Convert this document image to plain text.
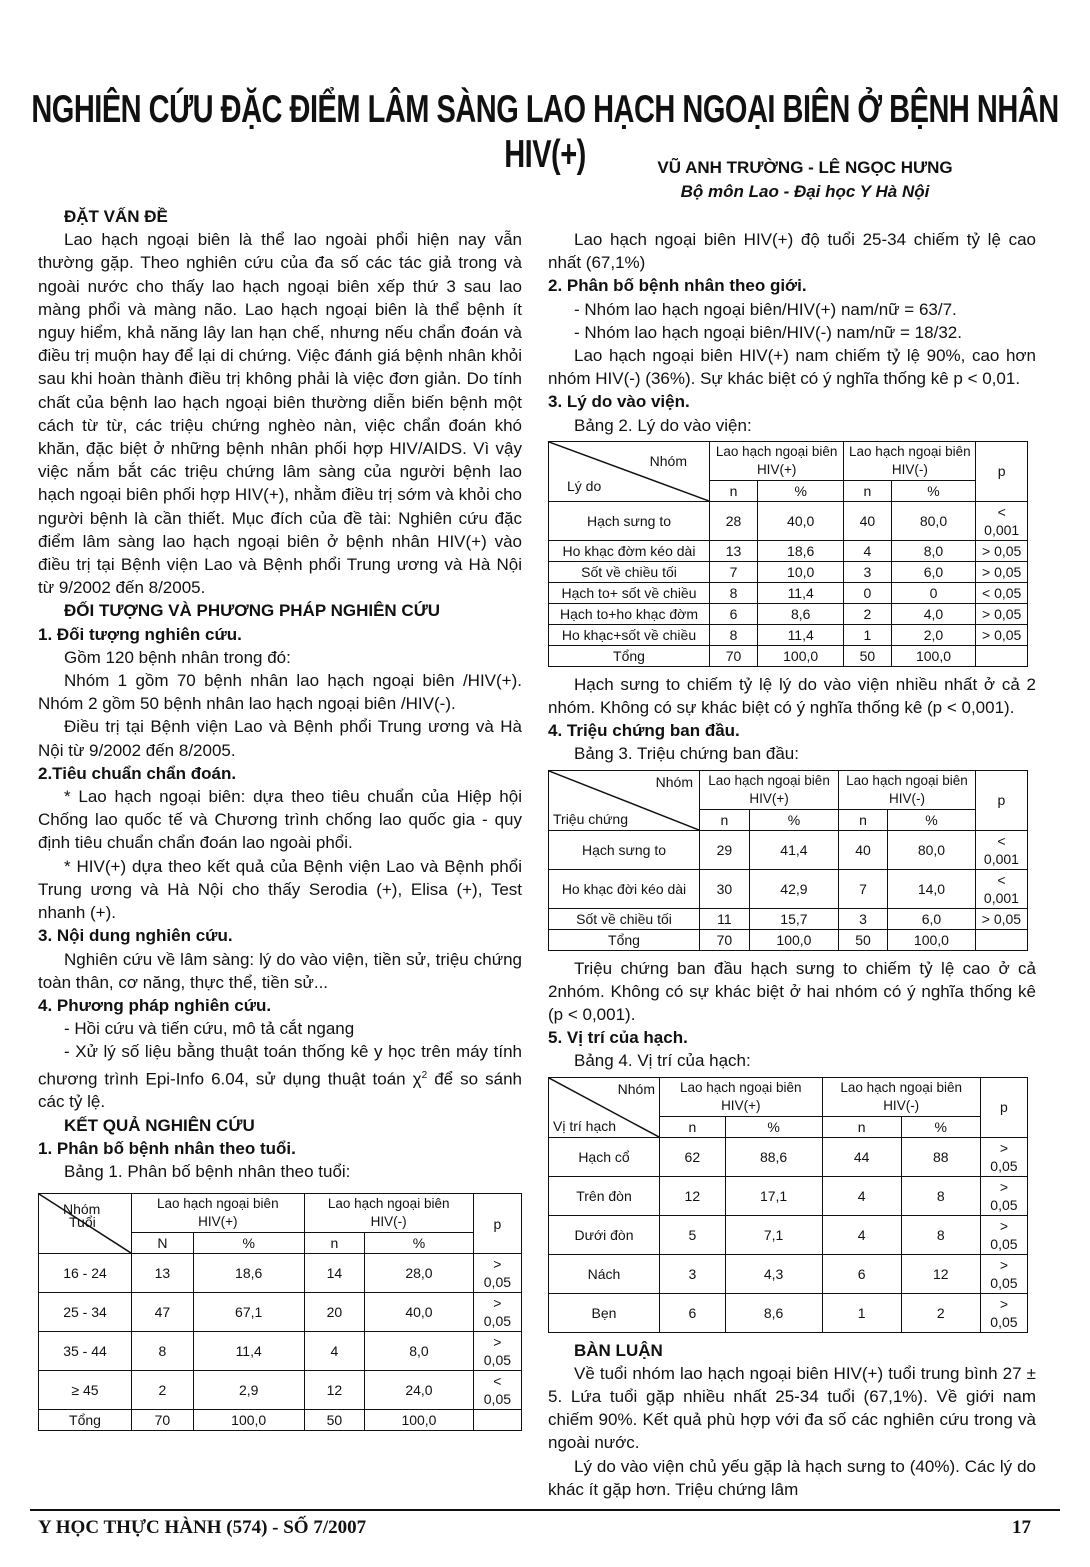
NGHIÊN CỨU ĐẶC ĐIỂM LÂM SÀNG LAO HẠCH NGOẠI BIÊN Ở BỆNH NHÂN HIV(+)	VŨ ANH TRƯỜNG - LÊ NGỌC HƯNG
Bộ môn Lao - Đại học Y Hà Nội

ĐẶT VẤN ĐỀ

Lao hạch ngoại biên là thể lao ngoài phổi hiện nay vẫn thường gặp. Theo nghiên cứu của đa số các tác giả trong và ngoài nước cho thấy lao hạch ngoại biên xếp thứ 3 sau lao màng phổi và màng não. Lao hạch ngoại biên là thể bệnh ít nguy hiểm, khả năng lây lan hạn chế, nhưng nếu chẩn đoán và điều trị muộn hay để lại di chứng. Việc đánh giá bệnh nhân khỏi sau khi hoàn thành điều trị không phải là việc đơn giản. Do tính chất của bệnh lao hạch ngoại biên thường diễn biến bệnh một cách từ từ, các triệu chứng nghèo nàn, việc chẩn đoán khó khăn, đặc biệt ở những bệnh nhân phối hợp HIV/AIDS. Vì vậy việc nắm bắt các triệu chứng lâm sàng của người bệnh lao hạch ngoại biên phối hợp HIV(+), nhằm điều trị sớm và khỏi cho người bệnh là cần thiết. Mục đích của đề tài: Nghiên cứu đặc điểm lâm sàng lao hạch ngoại biên ở bệnh nhân HIV(+) vào điều trị tại Bệnh viện Lao và Bệnh phổi Trung ương và Hà Nội từ 9/2002 đến 8/2005.

ĐỐI TƯỢNG VÀ PHƯƠNG PHÁP NGHIÊN CỨU

1. Đối tượng nghiên cứu.

Gồm 120 bệnh nhân trong đó:

Nhóm 1 gồm 70 bệnh nhân lao hạch ngoại biên /HIV(+). Nhóm 2 gồm 50 bệnh nhân lao hạch ngoại biên /HIV(-).

Điều trị tại Bệnh viện Lao và Bệnh phổi Trung ương và Hà Nội từ 9/2002 đến 8/2005.

2.Tiêu chuẩn chẩn đoán.

* Lao hạch ngoại biên: dựa theo tiêu chuẩn của Hiệp hội Chống lao quốc tế và Chương trình chống lao quốc gia - quy định tiêu chuẩn chẩn đoán lao ngoài phổi.

* HIV(+) dựa theo kết quả của Bệnh viện Lao và Bệnh phổi Trung ương và Hà Nội cho thấy Serodia (+), Elisa (+), Test nhanh (+).

3. Nội dung nghiên cứu.

Nghiên cứu về lâm sàng: lý do vào viện, tiền sử, triệu chứng toàn thân, cơ năng, thực thể, tiền sử...

4. Phương pháp nghiên cứu.

- Hồi cứu và tiến cứu, mô tả cắt ngang

- Xử lý số liệu bằng thuật toán thống kê y học trên máy tính chương trình Epi-Info 6.04, sử dụng thuật toán $\chi^2$ để so sánh các tỷ lệ.

KẾT QUẢ NGHIÊN CỨU

1. Phân bố bệnh nhân theo tuổi.

Bảng 1. Phân bố bệnh nhân theo tuổi:

Nhóm
Tuổi	Lao hạch ngoại biên HIV(+)		Lao hạch ngoại biên HIV(-)		p
	N	%	n	%	
16 - 24	13	18,6	14	28,0	> 0,05
25 - 34	47	67,1	20	40,0	> 0,05
35 - 44	8	11,4	4	8,0	> 0,05
≥ 45	2	2,9	12	24,0	< 0,05
Tổng	70	100,0	50	100,0	

Lao hạch ngoại biên HIV(+) độ tuổi 25-34 chiếm tỷ lệ cao nhất (67,1%)

2. Phân bố bệnh nhân theo giới.

- Nhóm lao hạch ngoại biên/HIV(+) nam/nữ = 63/7.

- Nhóm lao hạch ngoại biên/HIV(-) nam/nữ = 18/32.

Lao hạch ngoại biên HIV(+) nam chiếm tỷ lệ 90%, cao hơn nhóm HIV(-) (36%). Sự khác biệt có ý nghĩa thống kê p < 0,01.

3. Lý do vào viện.

Bảng 2. Lý do vào viện:

Nhóm
Lý do	Lao hạch ngoại biên HIV(+)		Lao hạch ngoại biên HIV(-)		p
	n	%	n	%	
Hạch sưng to	28	40,0	40	80,0	< 0,001
Ho khạc đờm kéo dài	13	18,6	4	8,0	> 0,05
Sốt về chiều tối	7	10,0	3	6,0	> 0,05
Hạch to+ sốt về chiều	8	11,4	0	0	< 0,05
Hạch to+ho khạc đờm	6	8,6	2	4,0	> 0,05
Ho khạc+sốt về chiều	8	11,4	1	2,0	> 0,05
Tổng	70	100,0	50	100,0	

Hạch sưng to chiếm tỷ lệ lý do vào viện nhiều nhất ở cả 2 nhóm. Không có sự khác biệt có ý nghĩa thống kê (p < 0,001).

4. Triệu chứng ban đầu.

Bảng 3. Triệu chứng ban đầu:

Nhóm
Triệu chứng	Lao hạch ngoại biên HIV(+)		Lao hạch ngoại biên HIV(-)		p
	n	%	n	%	
Hạch sưng to	29	41,4	40	80,0	< 0,001
Ho khạc đời kéo dài	30	42,9	7	14,0	< 0,001
Sốt về chiều tối	11	15,7	3	6,0	> 0,05
Tổng	70	100,0	50	100,0	

Triệu chứng ban đầu hạch sưng to chiếm tỷ lệ cao ở cả 2nhóm. Không có sự khác biệt ở hai nhóm có ý nghĩa thống kê (p < 0,001).

5. Vị trí của hạch.

Bảng 4. Vị trí của hạch:

Nhóm
Vị trí hạch	Lao hạch ngoại biên HIV(+)		Lao hạch ngoại biên HIV(-)		p
	n	%	n	%	
Hạch cổ	62	88,6	44	88	> 0,05
Trên đòn	12	17,1	4	8	> 0,05
Dưới đòn	5	7,1	4	8	> 0,05
Nách	3	4,3	6	12	> 0,05
Bẹn	6	8,6	1	2	> 0,05

BÀN LUẬN

Về tuổi nhóm lao hạch ngoại biên HIV(+) tuổi trung bình 27 ± 5. Lứa tuổi gặp nhiều nhất 25-34 tuổi (67,1%). Về giới nam chiếm 90%. Kết quả phù hợp với đa số các nghiên cứu trong và ngoài nước.

Lý do vào viện chủ yếu gặp là hạch sưng to (40%). Các lý do khác ít gặp hơn. Triệu chứng lâm

Y HỌC THỰC HÀNH (574) - SỐ 7/2007	17
